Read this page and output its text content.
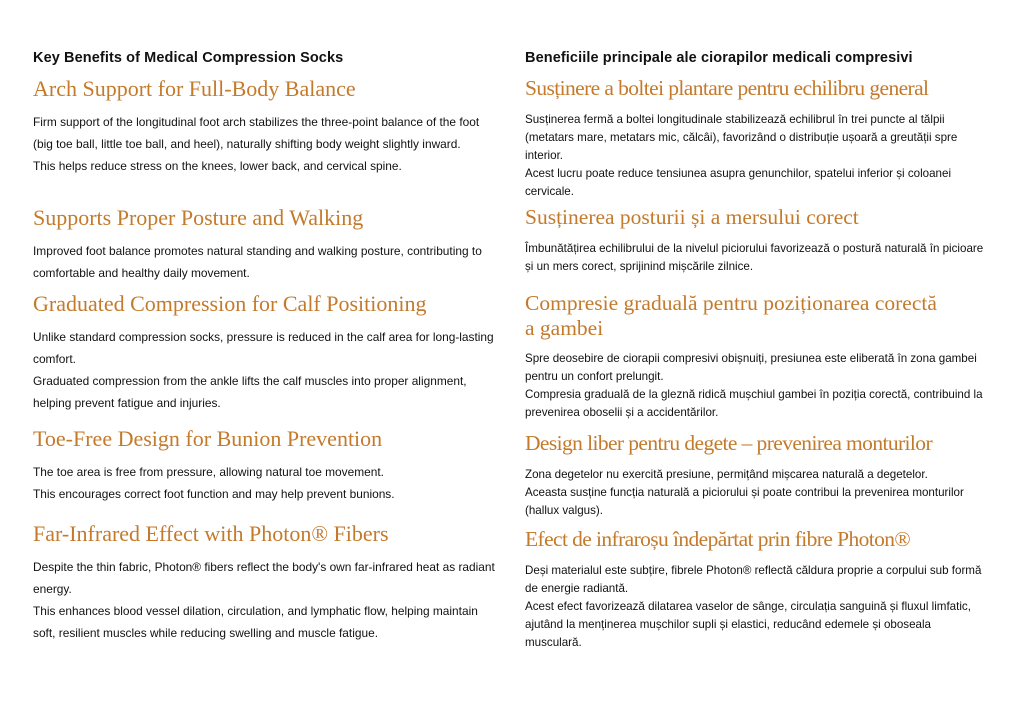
Key Benefits of Medical Compression Socks
Arch Support for Full-Body Balance

Firm support of the longitudinal foot arch stabilizes the three-point balance of the foot (big toe ball, little toe ball, and heel), naturally shifting body weight slightly inward.

This helps reduce stress on the knees, lower back, and cervical spine.

Supports Proper Posture and Walking

Improved foot balance promotes natural standing and walking posture, contributing to comfortable and healthy daily movement.

Graduated Compression for Calf Positioning

Unlike standard compression socks, pressure is reduced in the calf area for long-lasting comfort.

Graduated compression from the ankle lifts the calf muscles into proper alignment, helping prevent fatigue and injuries.

Toe-Free Design for Bunion Prevention

The toe area is free from pressure, allowing natural toe movement.

This encourages correct foot function and may help prevent bunions.

Far-Infrared Effect with Photon® Fibers

Despite the thin fabric, Photon® fibers reflect the body's own far-infrared heat as radiant energy.

This enhances blood vessel dilation, circulation, and lymphatic flow, helping maintain soft, resilient muscles while reducing swelling and muscle fatigue.

Beneficiile principale ale ciorapilor medicali compresivi
Susținere a boltei plantare pentru echilibru general

Susținerea fermă a boltei longitudinale stabilizează echilibrul în trei puncte al tălpii (metatars mare, metatars mic, călcâi), favorizând o distribuție ușoară a greutății spre interior.

Acest lucru poate reduce tensiunea asupra genunchilor, spatelui inferior și coloanei cervicale.

Susținerea posturii și a mersului corect

Îmbunătățirea echilibrului de la nivelul piciorului favorizează o postură naturală în picioare și un mers corect, sprijinind mișcările zilnice.

Compresie graduală pentru poziționarea corectă a gambei

Spre deosebire de ciorapii compresivi obișnuiți, presiunea este eliberată în zona gambei pentru un confort prelungit.

Compresia graduală de la gleznă ridică mușchiul gambei în poziția corectă, contribuind la prevenirea oboselii și a accidentărilor.

Design liber pentru degete – prevenirea monturilor

Zona degetelor nu exercită presiune, permițând mișcarea naturală a degetelor.

Aceasta susține funcția naturală a piciorului și poate contribui la prevenirea monturilor (hallux valgus).

Efect de infraroșu îndepărtat prin fibre Photon®

Deși materialul este subțire, fibrele Photon® reflectă căldura proprie a corpului sub formă de energie radiantă.

Acest efect favorizează dilatarea vaselor de sânge, circulația sanguină și fluxul limfatic, ajutând la menținerea mușchilor supli și elastici, reducând edemele și oboseala musculară.
